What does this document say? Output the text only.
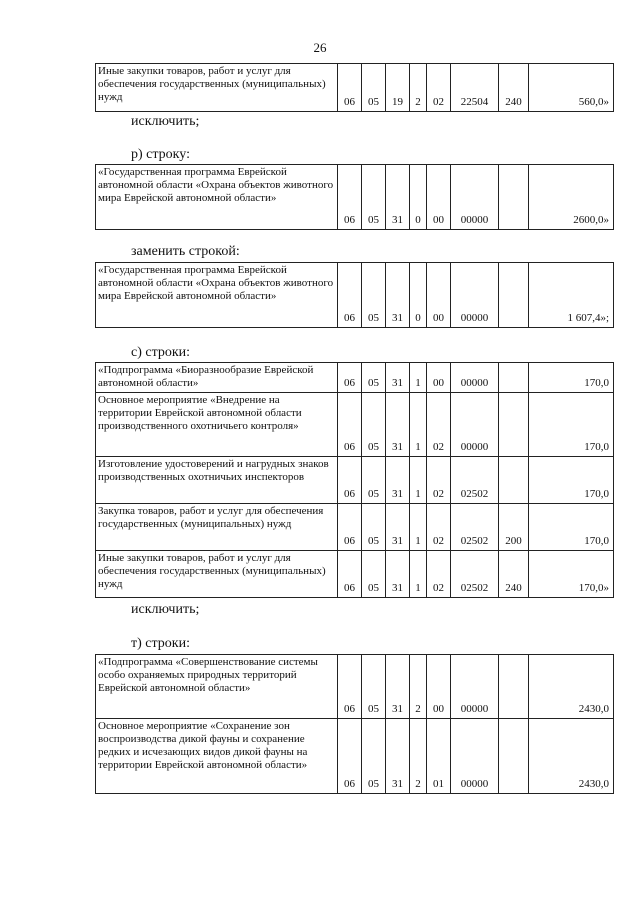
26
Иные закупки товаров, работ и услуг для обеспечения государственных (муниципальных) нужд	06	05	19	2	02	22504	240	560,0»
исключить;
р) строку:
«Государственная программа Еврейской автономной области «Охрана объектов животного мира Еврейской автономной области»	06	05	31	0	00	00000		2600,0»
заменить строкой:
«Государственная программа Еврейской автономной области «Охрана объектов животного мира Еврейской автономной области»	06	05	31	0	00	00000		1 607,4»;
с) строки:
«Подпрограмма «Биоразнообразие Еврейской автономной области»	06	05	31	1	00	00000		170,0
Основное мероприятие «Внедрение на территории Еврейской автономной области производственного охотничьего контроля»	06	05	31	1	02	00000		170,0
Изготовление удостоверений и нагрудных знаков производственных охотничьих инспекторов	06	05	31	1	02	02502		170,0
Закупка товаров, работ и услуг для обеспечения государственных (муниципальных) нужд	06	05	31	1	02	02502	200	170,0
Иные закупки товаров, работ и услуг для обеспечения государственных (муниципальных) нужд	06	05	31	1	02	02502	240	170,0»
исключить;
т) строки:
«Подпрограмма «Совершенствование системы особо охраняемых природных территорий Еврейской автономной области»	06	05	31	2	00	00000		2430,0
Основное мероприятие «Сохранение зон воспроизводства дикой фауны и сохранение редких и исчезающих видов дикой фауны на территории Еврейской автономной области»	06	05	31	2	01	00000		2430,0
